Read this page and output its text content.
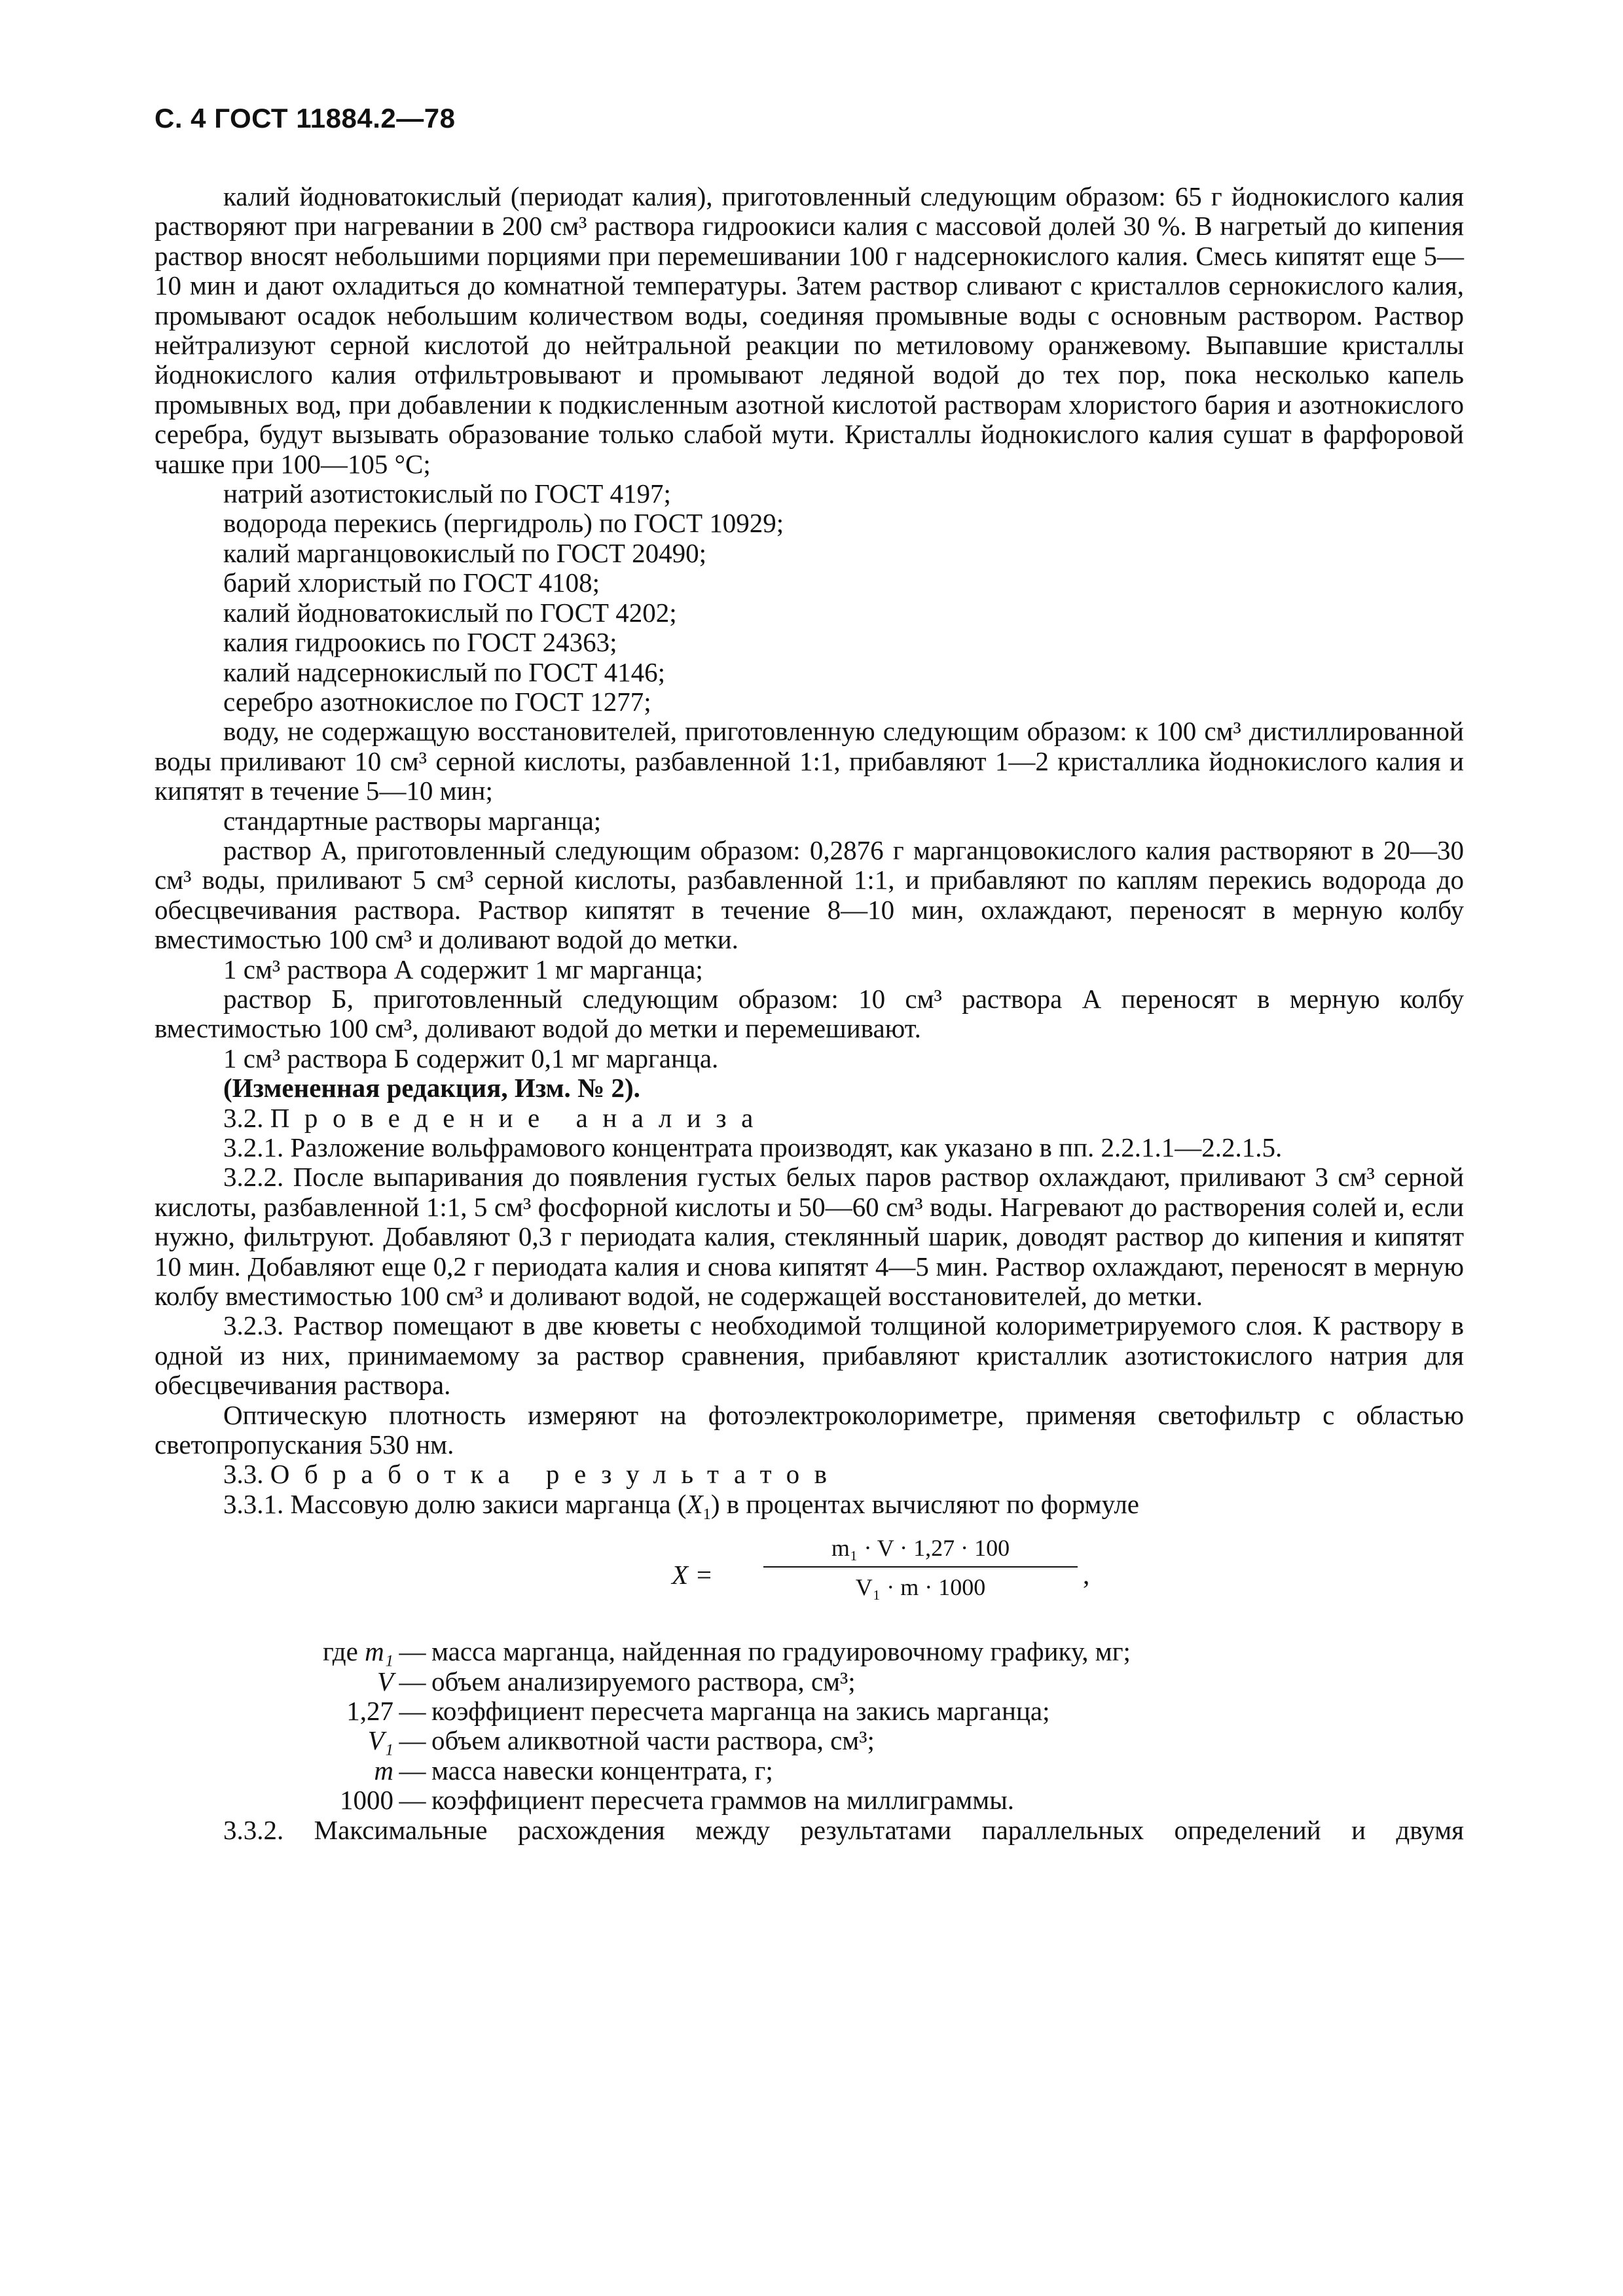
С. 4 ГОСТ 11884.2—78

калий йодноватокислый (периодат калия), приготовленный следующим образом: 65 г йоднокислого калия растворяют при нагревании в 200 см³ раствора гидроокиси калия с массовой долей 30 %. В нагретый до кипения раствор вносят небольшими порциями при перемешивании 100 г надсернокислого калия. Смесь кипятят еще 5—10 мин и дают охладиться до комнатной температуры. Затем раствор сливают с кристаллов сернокислого калия, промывают осадок небольшим количеством воды, соединяя промывные воды с основным раствором. Раствор нейтрализуют серной кислотой до нейтральной реакции по метиловому оранжевому. Выпавшие кристаллы йоднокислого калия отфильтровывают и промывают ледяной водой до тех пор, пока несколько капель промывных вод, при добавлении к подкисленным азотной кислотой растворам хлористого бария и азотнокислого серебра, будут вызывать образование только слабой мути. Кристаллы йоднокислого калия сушат в фарфоровой чашке при 100—105 °С;

натрий азотистокислый по ГОСТ 4197;

водорода перекись (пергидроль) по ГОСТ 10929;

калий марганцовокислый по ГОСТ 20490;

барий хлористый по ГОСТ 4108;

калий йодноватокислый по ГОСТ 4202;

калия гидроокись по ГОСТ 24363;

калий надсернокислый по ГОСТ 4146;

серебро азотнокислое по ГОСТ 1277;

воду, не содержащую восстановителей, приготовленную следующим образом: к 100 см³ дистиллированной воды приливают 10 см³ серной кислоты, разбавленной 1:1, прибавляют 1—2 кристаллика йоднокислого калия и кипятят в течение 5—10 мин;

стандартные растворы марганца;

раствор А, приготовленный следующим образом: 0,2876 г марганцовокислого калия растворяют в 20—30 см³ воды, приливают 5 см³ серной кислоты, разбавленной 1:1, и прибавляют по каплям перекись водорода до обесцвечивания раствора. Раствор кипятят в течение 8—10 мин, охлаждают, переносят в мерную колбу вместимостью 100 см³ и доливают водой до метки.

1 см³ раствора А содержит 1 мг марганца;

раствор Б, приготовленный следующим образом: 10 см³ раствора А переносят в мерную колбу вместимостью 100 см³, доливают водой до метки и перемешивают.

1 см³ раствора Б содержит 0,1 мг марганца.

(Измененная редакция, Изм. № 2).

3.2. Проведение анализа

3.2.1. Разложение вольфрамового концентрата производят, как указано в пп. 2.2.1.1—2.2.1.5.

3.2.2. После выпаривания до появления густых белых паров раствор охлаждают, приливают 3 см³ серной кислоты, разбавленной 1:1, 5 см³ фосфорной кислоты и 50—60 см³ воды. Нагревают до растворения солей и, если нужно, фильтруют. Добавляют 0,3 г периодата калия, стеклянный шарик, доводят раствор до кипения и кипятят 10 мин. Добавляют еще 0,2 г периодата калия и снова кипятят 4—5 мин. Раствор охлаждают, переносят в мерную колбу вместимостью 100 см³ и доливают водой, не содержащей восстановителей, до метки.

3.2.3. Раствор помещают в две кюветы с необходимой толщиной колориметрируемого слоя. К раствору в одной из них, принимаемому за раствор сравнения, прибавляют кристаллик азотистокислого натрия для обесцвечивания раствора.

Оптическую плотность измеряют на фотоэлектроколориметре, применяя светофильтр с областью светопропускания 530 нм.

3.3. Обработка результатов

3.3.1. Массовую долю закиси марганца $(X_1)$ в процентах вычисляют по формуле

X =
m₁ · V · 1,27 · 100
V₁ · m · 1000	,
где m₁ — масса марганца, найденная по градуировочному графику, мг;
V — объем анализируемого раствора, см³;
1,27 — коэффициент пересчета марганца на закись марганца;
V₁ — объем аликвотной части раствора, см³;
m — масса навески концентрата, г;
1000 — коэффициент пересчета граммов на миллиграммы.

3.3.2. Максимальные расхождения между результатами параллельных определений и двумя
